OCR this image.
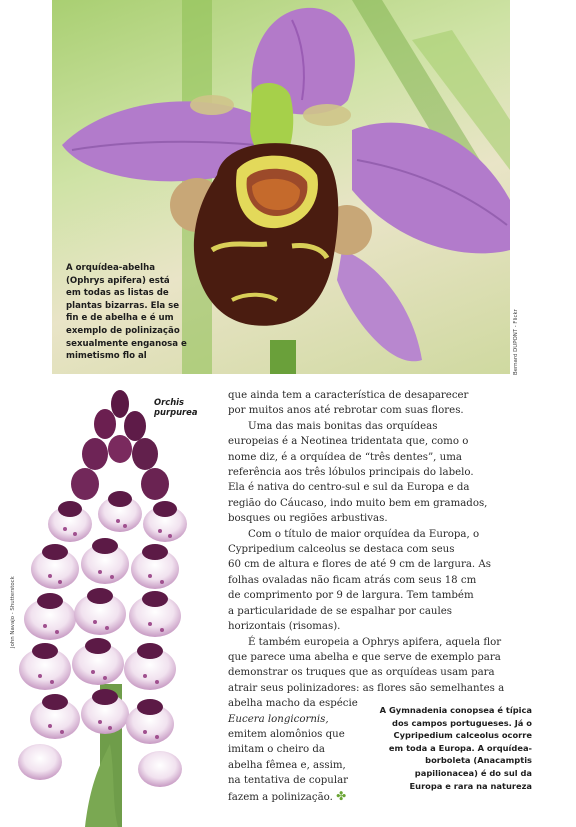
A orquídea-abelha
(Ophrys apifera) está
em todas as listas de
plantas bizarras. Ela se
fin e de abelha e é um
exemplo de polinização
sexualmente enganosa e
mimetismo flo al	Bernard DUPONT - Flickr
Orchis purpurea
John Navajo - Shutterstock

que ainda tem a característica de desaparecer
por muitos anos até rebrotar com suas flores.

Uma das mais bonitas das orquídeas
europeias é a Neotinea tridentata que, como o
nome diz, é a orquídea de “três dentes”, uma
referência aos três lóbulos principais do labelo.
Ela é nativa do centro-sul e sul da Europa e da
região do Cáucaso, indo muito bem em gramados,
bosques ou regiões arbustivas.

Com o título de maior orquídea da Europa, o
Cypripedium calceolus se destaca com seus
60 cm de altura e flores de até 9 cm de largura. As
folhas ovaladas não ficam atrás com seus 18 cm
de comprimento por 9 de largura. Tem também
a particularidade de se espalhar por caules
horizontais (risomas).

É também europeia a Ophrys apifera, aquela flor
que parece uma abelha e que serve de exemplo para
demonstrar os truques que as orquídeas usam para
atrair seus polinizadores: as flores são semelhantes a
abelha macho da espécie
Eucera longicornis,
emitem alomônios que
imitam o cheiro da
abelha fêmea e, assim,
na tentativa de copular
fazem a polinização. ✤

A Gymnadenia conopsea é típica
dos campos portugueses. Já o
Cypripedium calceolus ocorre
em toda a Europa. A orquídea-
borboleta (Anacamptis
papilionacea) é do sul da
Europa e rara na natureza
